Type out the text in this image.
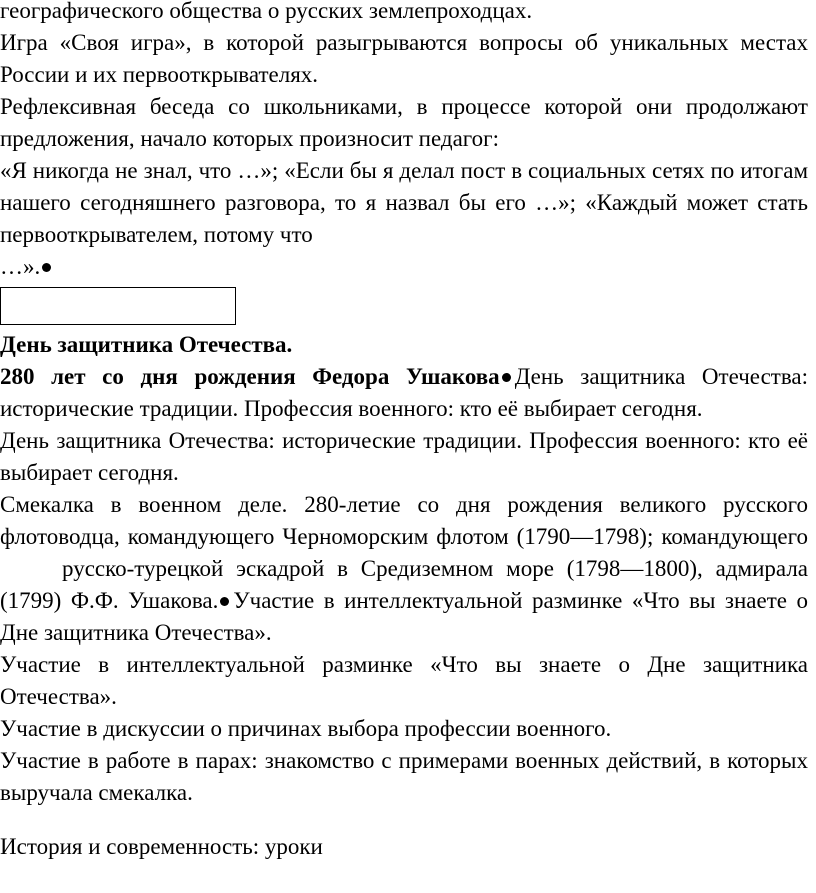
географического общества о русских землепроходцах.

Игра «Своя игра», в которой разыгрываются вопросы об уникальных местах России и их первооткрывателях.

Рефлексивная беседа со школьниками, в процессе которой они продолжают предложения, начало которых произносит педагог:

«Я никогда не знал, что …»; «Если бы я делал пост в социальных сетях по итогам нашего сегодняшнего разговора, то я назвал бы его …»; «Каждый может стать первооткрывателем, потому что

…».

День защитника Отечества.

280 лет со дня рождения Федора Ушакова День защитника Отечества: исторические традиции. Профессия военного: кто её выбирает сегодня.

День защитника Отечества: исторические традиции. Профессия военного: кто её выбирает сегодня.

Смекалка в военном деле. 280-летие со дня рождения великого русского флотоводца, командующего Черноморским флотом (1790—1798); командующегорусско-турецкой эскадрой в Средиземном море (1798—1800), адмирала (1799) Ф.Ф. Ушакова. Участие в интеллектуальной разминке «Что вы знаете о Дне защитника Отечества».

Участие в интеллектуальной разминке «Что вы знаете о Дне защитника Отечества».

Участие в дискуссии о причинах выбора профессии военного.

Участие в работе в парах: знакомство с примерами военных действий, в которых выручала смекалка.

История и современность: уроки
